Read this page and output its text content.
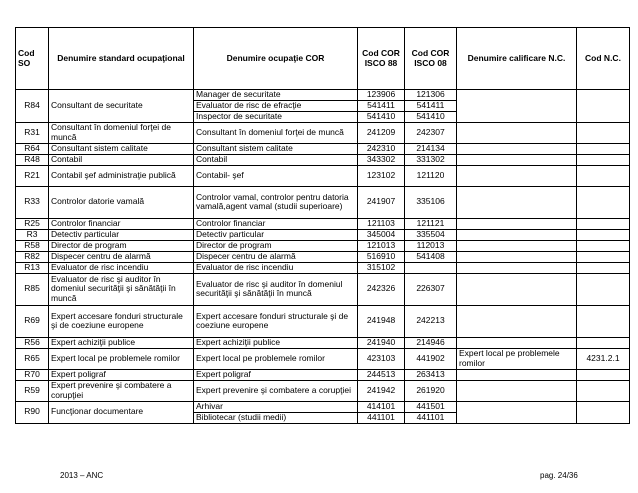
Cod SO	Denumire standard ocupaţional	Denumire ocupaţie COR	Cod COR ISCO 88	Cod COR ISCO 08	Denumire calificare N.C.	Cod N.C.
R84	Consultant de securitate	Manager de securitate	123906	121306		
		Evaluator de risc de efracţie	541411	541411		
		Inspector de securitate	541410	541410		
R31	Consultant în domeniul forţei de muncă	Consultant în domeniul forţei de muncă	241209	242307		
R64	Consultant sistem calitate	Consultant sistem calitate	242310	214134		
R48	Contabil	Contabil	343302	331302		
R21	Contabil şef administraţie publică	Contabil- şef	123102	121120		
R33	Controlor datorie vamală	Controlor vamal, controlor pentru datoria vamală,agent vamal (studii superioare)	241907	335106		
R25	Controlor financiar	Controlor financiar	121103	121121		
R3	Detectiv particular	Detectiv particular	345004	335504		
R58	Director de program	Director de program	121013	112013		
R82	Dispecer centru de alarmă	Dispecer centru de alarmă	516910	541408		
R13	Evaluator de risc incendiu	Evaluator de risc incendiu	315102			
R85	Evaluator de risc şi auditor în domeniul securităţii şi sănătăţii în muncă	Evaluator de risc şi auditor în domeniul securităţii şi sănătăţii în muncă	242326	226307		
R69	Expert accesare fonduri structurale şi de coeziune europene	Expert accesare fonduri structurale şi de coeziune europene	241948	242213		
R56	Expert achiziţii publice	Expert achiziţii publice	241940	214946		
R65	Expert local pe problemele romilor	Expert local pe problemele romilor	423103	441902	Expert local pe problemele romilor	4231.2.1
R70	Expert poligraf	Expert poligraf	244513	263413		
R59	Expert prevenire şi combatere a corupţiei	Expert prevenire şi combatere a corupţiei	241942	261920		
R90	Funcţionar documentare	Arhivar	414101	441501		
		Bibliotecar (studii medii)	441101	441101		
2013 – ANC	pag. 24/36
